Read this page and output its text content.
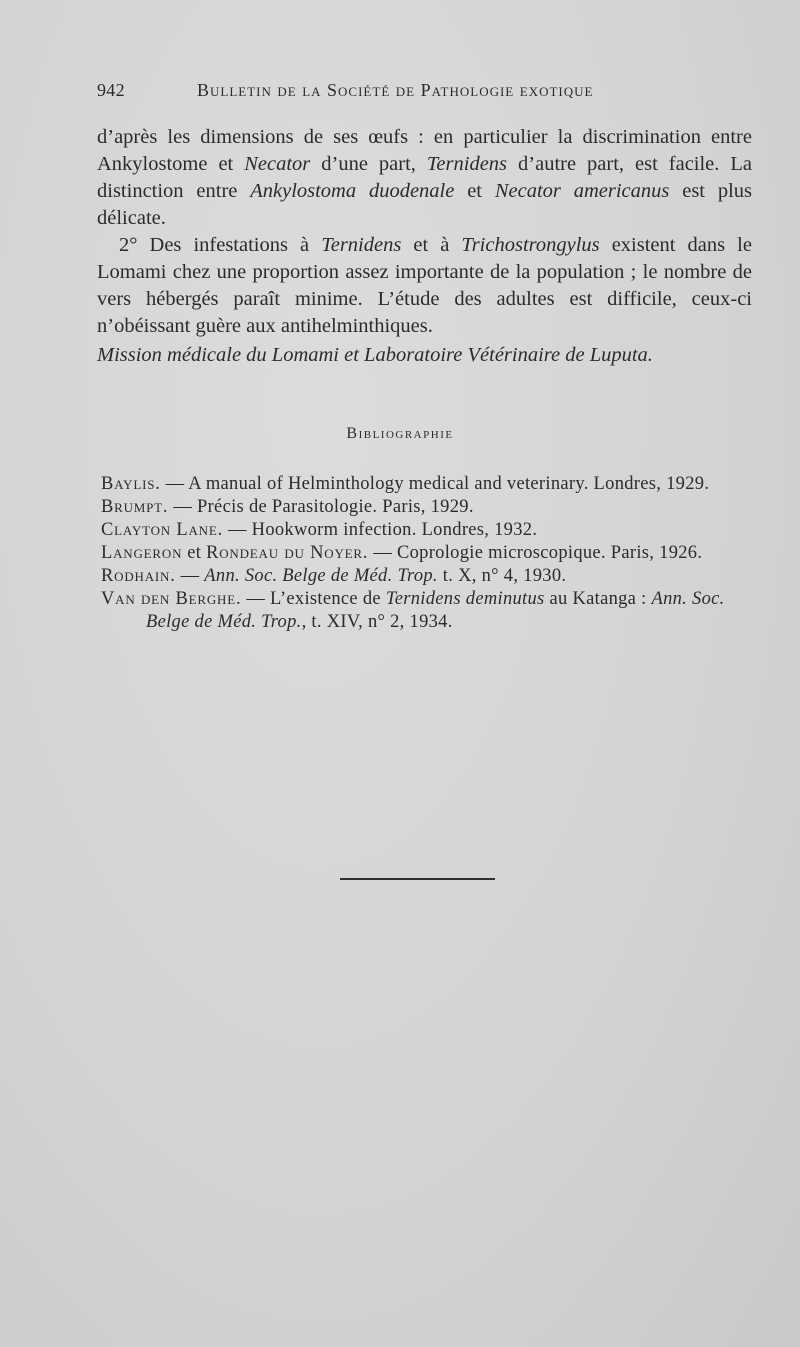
942	Bulletin de la Société de Pathologie exotique

d’après les dimensions de ses œufs : en particulier la discrimination entre Ankylostome et Necator d’une part, Ternidens d’autre part, est facile. La distinction entre Ankylostoma duodenale et Necator americanus est plus délicate.

2° Des infestations à Ternidens et à Trichostrongylus existent dans le Lomami chez une proportion assez importante de la population ; le nombre de vers hébergés paraît minime. L’étude des adultes est difficile, ceux-ci n’obéissant guère aux antihelminthiques.

Mission médicale du Lomami et Laboratoire Vétérinaire de Luputa.

Bibliographie

Baylis. — A manual of Helminthology medical and veterinary. Londres, 1929.

Brumpt. — Précis de Parasitologie. Paris, 1929.

Clayton Lane. — Hookworm infection. Londres, 1932.

Langeron et Rondeau du Noyer. — Coprologie microscopique. Paris, 1926.

Rodhain. — Ann. Soc. Belge de Méd. Trop. t. X, n° 4, 1930.

Van den Berghe. — L’existence de Ternidens deminutus au Katanga : Ann. Soc. Belge de Méd. Trop., t. XIV, n° 2, 1934.
